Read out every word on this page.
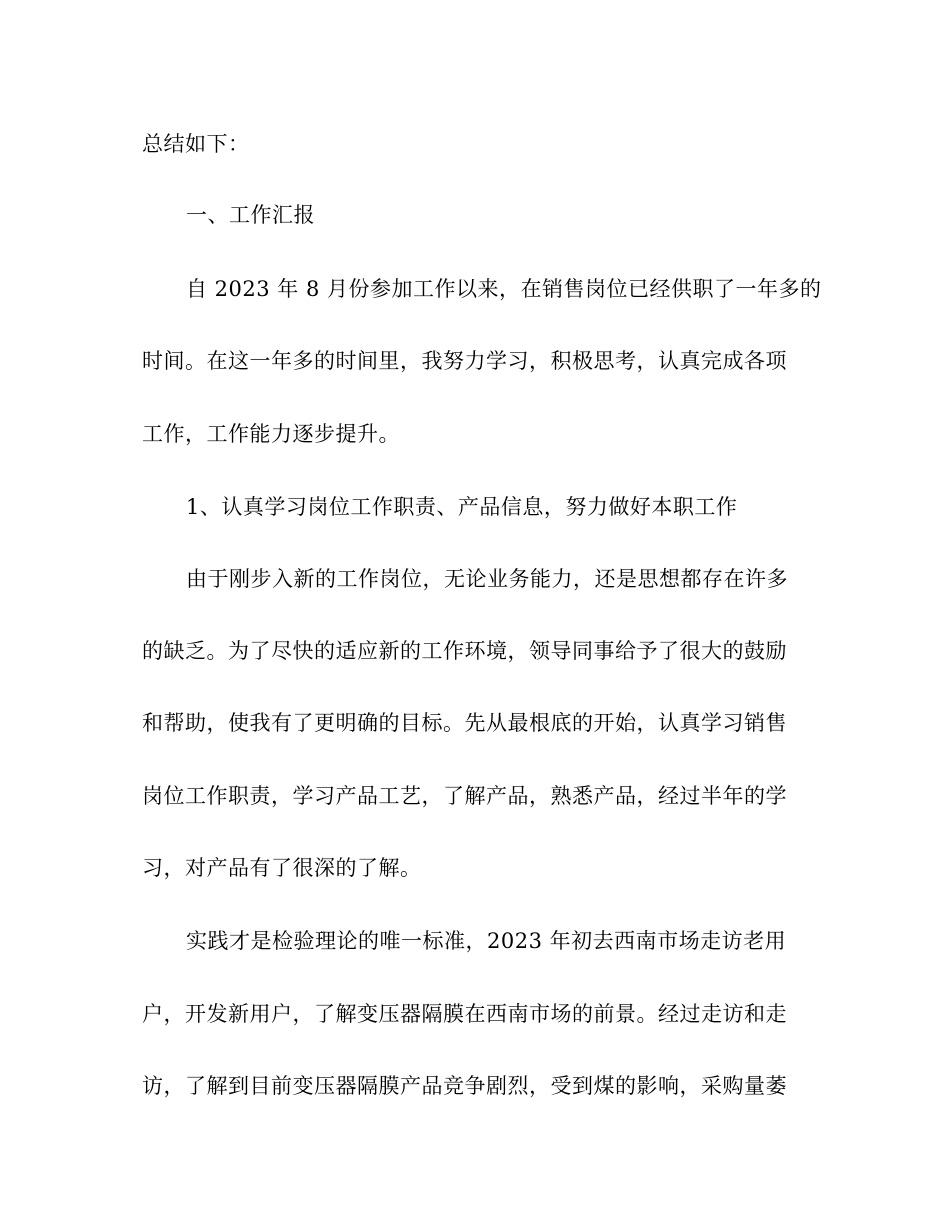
总结如下：
一、工作汇报
自 2023 年 8 月份参加工作以来，在销售岗位已经供职了一年多的
时间。在这一年多的时间里，我努力学习，积极思考，认真完成各项
工作，工作能力逐步提升。
1、认真学习岗位工作职责、产品信息，努力做好本职工作
由于刚步入新的工作岗位，无论业务能力，还是思想都存在许多
的缺乏。为了尽快的适应新的工作环境，领导同事给予了很大的鼓励
和帮助，使我有了更明确的目标。先从最根底的开始，认真学习销售
岗位工作职责，学习产品工艺，了解产品，熟悉产品，经过半年的学
习，对产品有了很深的了解。
实践才是检验理论的唯一标准，2023 年初去西南市场走访老用
户，开发新用户，了解变压器隔膜在西南市场的前景。经过走访和走
访，了解到目前变压器隔膜产品竞争剧烈，受到煤的影响，采购量萎
